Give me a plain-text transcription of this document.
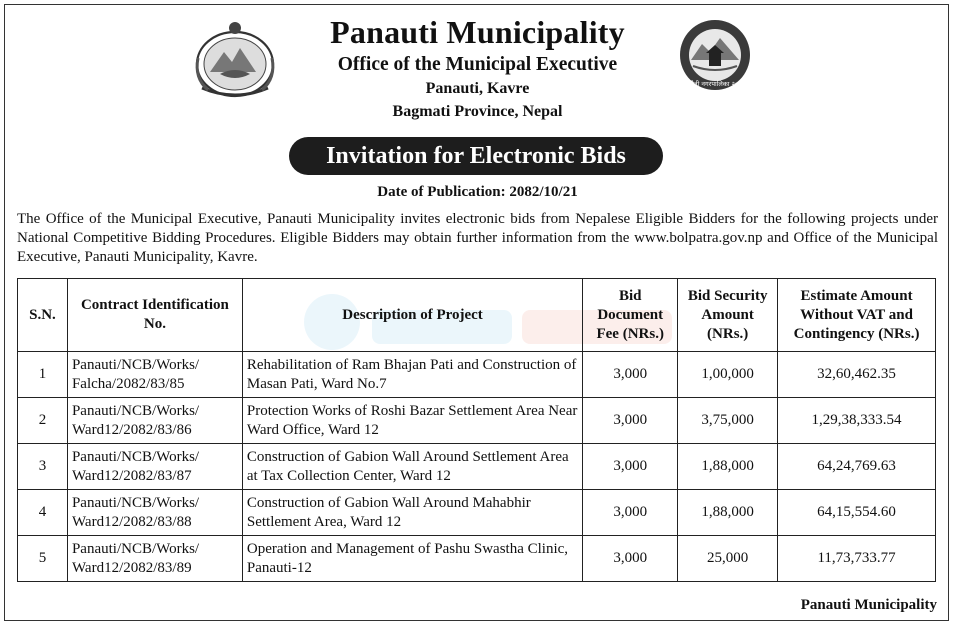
पनौती नगरपालिका २०७३
Panauti Municipality
Office of the Municipal Executive
Panauti, Kavre
Bagmati Province, Nepal
Invitation for Electronic Bids
Date of Publication: 2082/10/21
The Office of the Municipal Executive, Panauti Municipality invites electronic bids from Nepalese Eligible Bidders for the following projects under National Competitive Bidding Procedures. Eligible Bidders may obtain further information from the www.bolpatra.gov.np and Office of the Municipal Executive, Panauti Municipality, Kavre.
S.N.	Contract Identification No.	Description of Project	Bid Document Fee (NRs.)	Bid Security Amount (NRs.)	Estimate Amount Without VAT and Contingency (NRs.)
1	Panauti/NCB/Works/ Falcha/2082/83/85	Rehabilitation of Ram Bhajan Pati and Construction of Masan Pati, Ward No.7	3,000	1,00,000	32,60,462.35
2	Panauti/NCB/Works/ Ward12/2082/83/86	Protection Works of Roshi Bazar Settlement Area Near Ward Office, Ward 12	3,000	3,75,000	1,29,38,333.54
3	Panauti/NCB/Works/ Ward12/2082/83/87	Construction of Gabion Wall Around Settlement Area at Tax Collection Center, Ward 12	3,000	1,88,000	64,24,769.63
4	Panauti/NCB/Works/ Ward12/2082/83/88	Construction of Gabion Wall Around Mahabhir Settlement Area, Ward 12	3,000	1,88,000	64,15,554.60
5	Panauti/NCB/Works/ Ward12/2082/83/89	Operation and Management of Pashu Swastha Clinic, Panauti-12	3,000	25,000	11,73,733.77
Panauti Municipality
